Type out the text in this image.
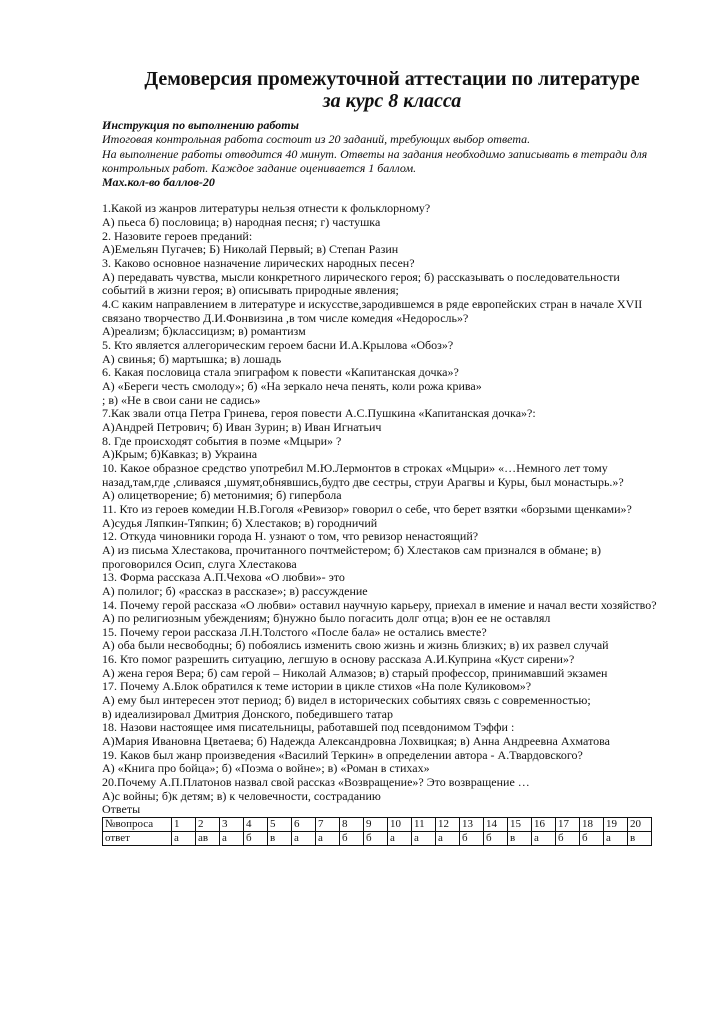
Демоверсия промежуточной аттестации по литературе
за курс 8 класса
Инструкция по выполнению работы
Итоговая контрольная работа состоит из 20 заданий, требующих выбор ответа.
На выполнение работы отводится 40 минут. Ответы на задания необходимо записывать в тетради для
контрольных работ. Каждое задание оценивается 1 баллом.
Мах.кол-во баллов-20
1.Какой из жанров литературы нельзя отнести к фольклорному?
А) пьеса б) пословица; в) народная песня; г) частушка
2. Назовите героев преданий:
А)Емельян Пугачев; Б) Николай Первый; в) Степан Разин
3. Каково основное назначение лирических народных песен?
А) передавать чувства, мысли конкретного лирического героя; б) рассказывать о последовательности
событий в жизни героя; в) описывать природные явления;
4.С каким направлением в литературе и искусстве,зародившемся в ряде европейских стран в начале XVII
связано творчество Д.И.Фонвизина ,в том числе комедия «Недоросль»?
А)реализм; б)классицизм; в) романтизм
5. Кто является аллегорическим героем басни И.А.Крылова «Обоз»?
А) свинья; б) мартышка; в) лошадь
6. Какая пословица стала эпиграфом к повести «Капитанская дочка»?
А) «Береги честь смолоду»; б) «На зеркало неча пенять, коли рожа крива»
; в) «Не в свои сани не садись»
7.Как звали отца Петра Гринева, героя повести А.С.Пушкина «Капитанская дочка»?:
А)Андрей Петрович; б) Иван Зурин; в) Иван Игнатьич
8. Где происходят события в поэме «Мцыри» ?
А)Крым; б)Кавказ; в) Украина
10. Какое образное средство употребил М.Ю.Лермонтов в строках «Мцыри» «…Немного лет тому
назад,там,где ,сливаяся ,шумят,обнявшись,будто две сестры, струи Арагвы и Куры, был монастырь.»?
А) олицетворение; б) метонимия; б) гипербола
11. Кто из героев комедии Н.В.Гоголя «Ревизор» говорил о себе, что берет взятки «борзыми щенками»?
А)судья Ляпкин-Тяпкин; б) Хлестаков; в) городничий
12. Откуда чиновники города Н. узнают о том, что ревизор ненастоящий?
А) из письма Хлестакова, прочитанного почтмейстером; б) Хлестаков сам признался в обмане; в)
проговорился Осип, слуга Хлестакова
13. Форма рассказа А.П.Чехова «О любви»- это
А) полилог; б) «рассказ в рассказе»; в) рассуждение
14. Почему герой рассказа «О любви» оставил научную карьеру, приехал в имение и начал вести хозяйство?
А) по религиозным убеждениям; б)нужно было погасить долг отца; в)он ее не оставлял
15. Почему герои рассказа Л.Н.Толстого «После бала» не остались вместе?
А) оба были несвободны; б) побоялись изменить свою жизнь и жизнь близких; в) их развел случай
16. Кто помог разрешить ситуацию, легшую в основу рассказа А.И.Куприна «Куст сирени»?
А) жена героя Вера; б) сам герой – Николай Алмазов; в) старый профессор, принимавший экзамен
17. Почему А.Блок обратился к теме истории в цикле стихов «На поле Куликовом»?
А) ему был интересен этот период; б) видел в исторических событиях связь с современностью;
в) идеализировал Дмитрия Донского, победившего татар
18. Назови настоящее имя писательницы, работавшей под псевдонимом Тэффи :
А)Мария Ивановна Цветаева; б) Надежда Александровна Лохвицкая; в) Анна Андреевна Ахматова
19. Каков был жанр произведения «Василий Теркин» в определении автора - А.Твардовского?
А) «Книга про бойца»; б) «Поэма о войне»; в) «Роман в стихах»
20.Почему А.П.Платонов назвал свой рассказ «Возвращение»? Это возвращение …
А)с войны; б)к детям; в) к человечности, состраданию
Ответы
№вопроса	1	2	3	4	5	6	7	8	9	10	11	12	13	14	15	16	17	18	19	20
ответ	а	ав	а	б	в	а	а	б	б	а	а	а	б	б	в	а	б	б	а	в
